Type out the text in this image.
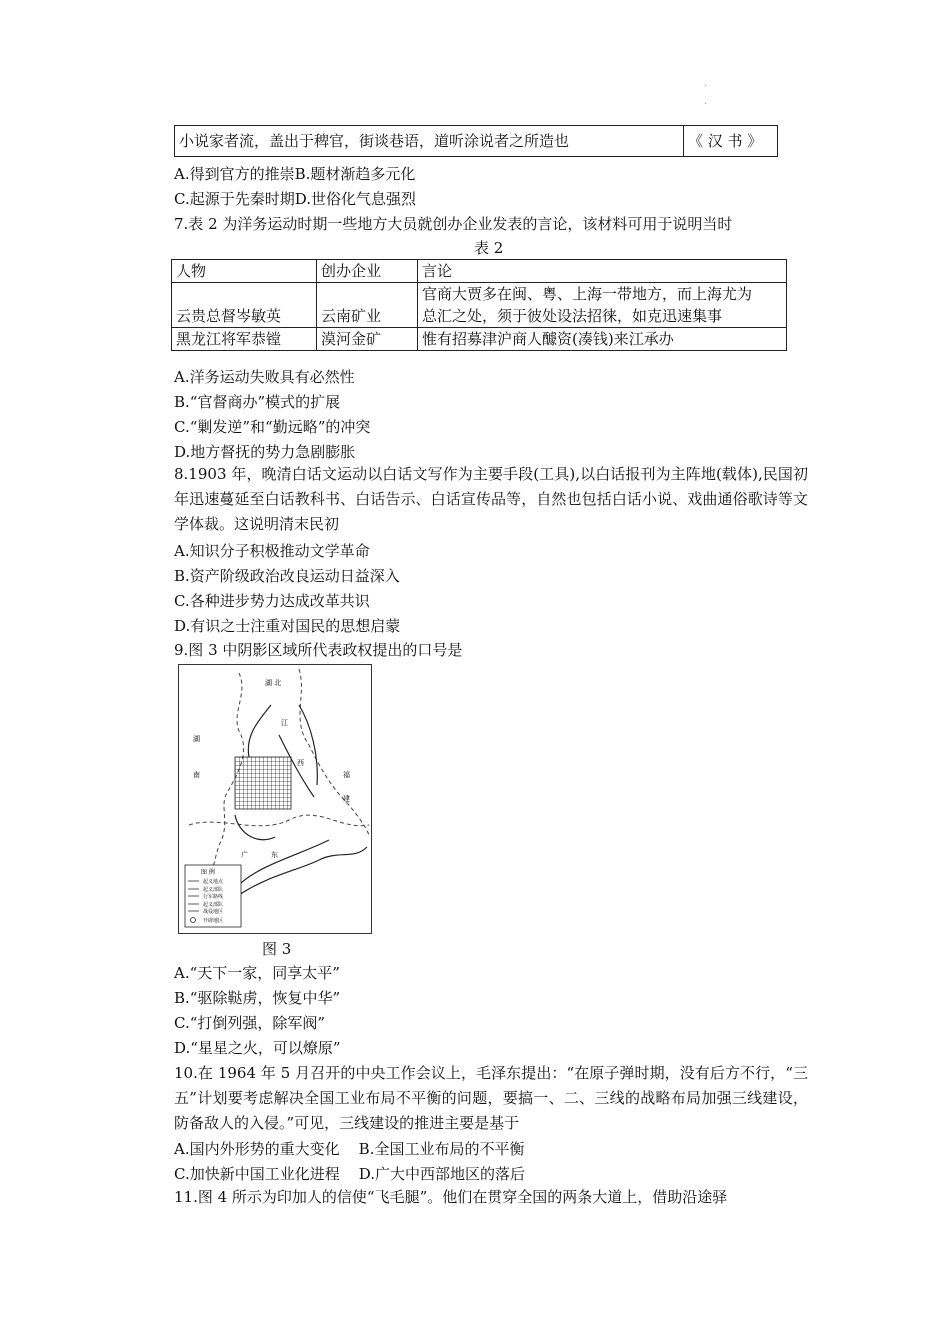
.
.
小说家者流，盖出于稗官，街谈巷语，道听涂说者之所造也	《 汉 书 》
A.得到官方的推崇B.题材渐趋多元化
C.起源于先秦时期D.世俗化气息强烈
7.表 2 为洋务运动时期一些地方大员就创办企业发表的言论，该材料可用于说明当时
表 2
人物	创办企业	言论
云贵总督岑敏英	云南矿业	官商大贾多在闽、粤、上海一带地方，而上海尤为
总汇之处，须于彼处设法招徕，如克迅速集事

黑龙江将军恭镗	漠河金矿	惟有招募津沪商人醵资(凑钱)来江承办
A.洋务运动失败具有必然性
B.“官督商办”模式的扩展
C.“剿发逆”和“勤远略”的冲突
D.地方督抚的势力急剧膨胀
8.1903 年，晚清白话文运动以白话文写作为主要手段(工具),以白话报刊为主阵地(载体),民国初年迅速蔓延至白话教科书、白话告示、白话宣传品等，自然也包括白话小说、戏曲通俗歌诗等文学体裁。这说明清末民初
A.知识分子积极推动文学革命
B.资产阶级政治改良运动日益深入
C.各种进步势力达成改革共识
D.有识之士注重对国民的思想启蒙
9.图 3 中阴影区域所代表政权提出的口号是
湖 北
湖
南
江
西
福
建
广	东
图 例
起义地点
起义部队
行军路线
起义部队
战役地区
开辟地区
图 3
A.“天下一家，同享太平”
B.“驱除鞑虏，恢复中华”
C.“打倒列强，除军阀”
D.“星星之火，可以燎原”
10.在 1964 年 5 月召开的中央工作会议上，毛泽东提出：“在原子弹时期，没有后方不行，“三五”计划要考虑解决全国工业布局不平衡的问题，要搞一、二、三线的战略布局加强三线建设，防备敌人的入侵。”可见，三线建设的推进主要是基于
A.国内外形势的重大变化    B.全国工业布局的不平衡
C.加快新中国工业化进程    D.广大中西部地区的落后
11.图 4 所示为印加人的信使“飞毛腿”。他们在贯穿全国的两条大道上，借助沿途驿
